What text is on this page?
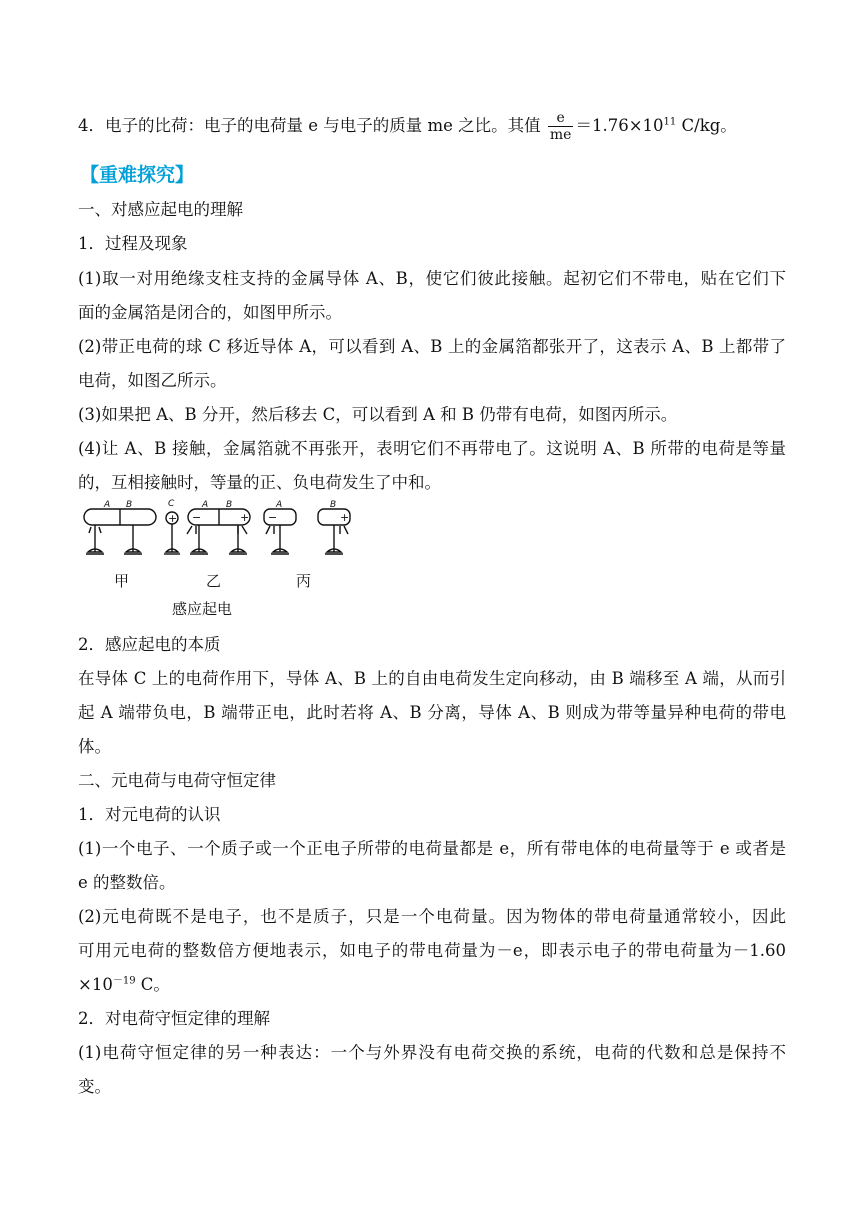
4．电子的比荷：电子的电荷量 e 与电子的质量 me 之比。其值 $\frac{e}{me} =1.76\times 10^{11}$ C/kg。
【重难探究】
一、对感应起电的理解
1．过程及现象
(1)取一对用绝缘支柱支持的金属导体 A、B，使它们彼此接触。起初它们不带电，贴在它们下
面的金属箔是闭合的，如图甲所示。
(2)带正电荷的球 C 移近导体 A，可以看到 A、B 上的金属箔都张开了，这表示 A、B 上都带了
电荷，如图乙所示。
(3)如果把 A、B 分开，然后移去 C，可以看到 A 和 B 仍带有电荷，如图丙所示。
(4)让 A、B 接触，金属箔就不再张开，表明它们不再带电了。这说明 A、B 所带的电荷是等量
的，互相接触时，等量的正、负电荷发生了中和。
A B	C	A B	A	B
+ −	+ −	+
甲	乙	丙
感应起电
2．感应起电的本质
在导体 C 上的电荷作用下，导体 A、B 上的自由电荷发生定向移动，由 B 端移至 A 端，从而引
起 A 端带负电，B 端带正电，此时若将 A、B 分离，导体 A、B 则成为带等量异种电荷的带电
体。
二、元电荷与电荷守恒定律
1．对元电荷的认识
(1)一个电子、一个质子或一个正电子所带的电荷量都是 e，所有带电体的电荷量等于 e 或者是
e 的整数倍。
(2)元电荷既不是电子，也不是质子，只是一个电荷量。因为物体的带电荷量通常较小，因此
可用元电荷的整数倍方便地表示，如电子的带电荷量为－e，即表示电子的带电荷量为－1.60
$\times 10^{-19}$ C。
2．对电荷守恒定律的理解
(1)电荷守恒定律的另一种表达：一个与外界没有电荷交换的系统，电荷的代数和总是保持不
变。
